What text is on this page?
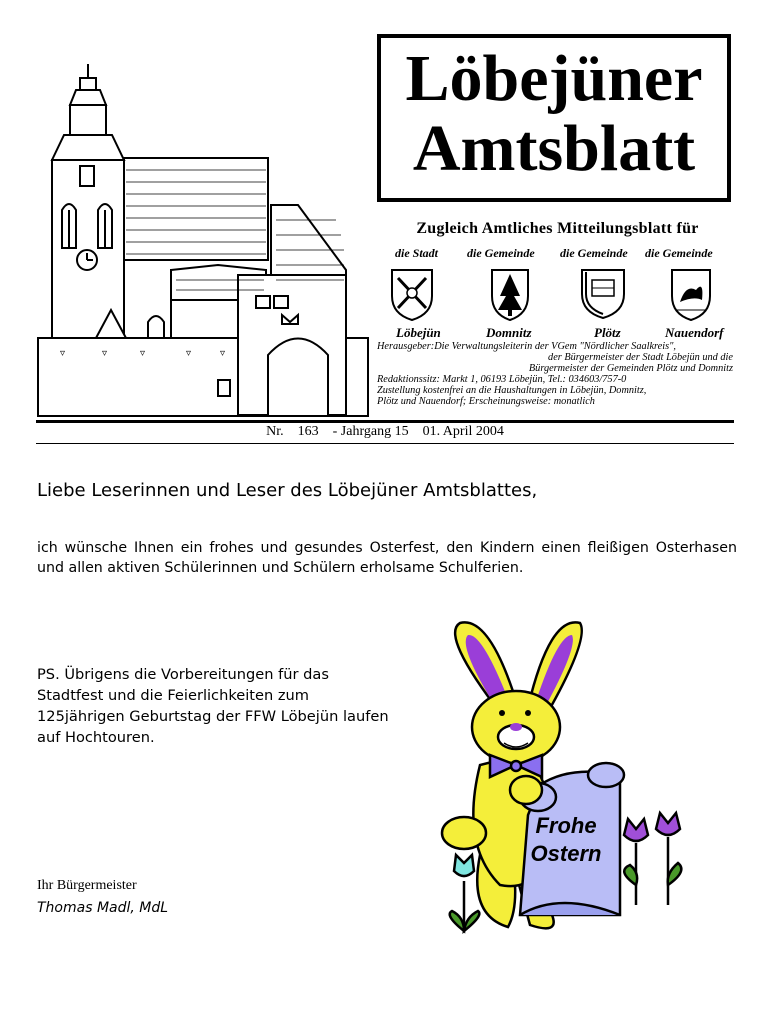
▿	▿	▿	▿	▿
Löbejüner
Amtsblatt
Zugleich Amtliches Mitteilungsblatt für
die Stadt die Gemeinde die Gemeinde die Gemeinde
Löbejün	Domnitz	Plötz	Nauendorf
Herausgeber:Die Verwaltungsleiterin der VGem "Nördlicher Saalkreis",
der Bürgermeister der Stadt Löbejün und die
Bürgermeister der Gemeinden Plötz und Domnitz
Redaktionssitz: Markt 1, 06193 Löbejün, Tel.: 034603/757-0
Zustellung kostenfrei an die Haushaltungen in Löbejün, Domnitz,
Plötz und Nauendorf; Erscheinungsweise: monatlich
Nr.    163    - Jahrgang 15    01. April 2004
Liebe Leserinnen und Leser des Löbejüner Amtsblattes,
ich wünsche Ihnen ein frohes und gesundes Osterfest, den Kindern einen fleißigen Osterhasen und allen aktiven Schülerinnen und Schülern erholsame Schulferien.
PS. Übrigens die Vorbereitungen für das Stadtfest und die Feierlichkeiten zum 125jährigen Geburtstag der FFW Löbejün laufen auf Hochtouren.
Ihr Bürgermeister
Thomas Madl, MdL
Frohe
Ostern
